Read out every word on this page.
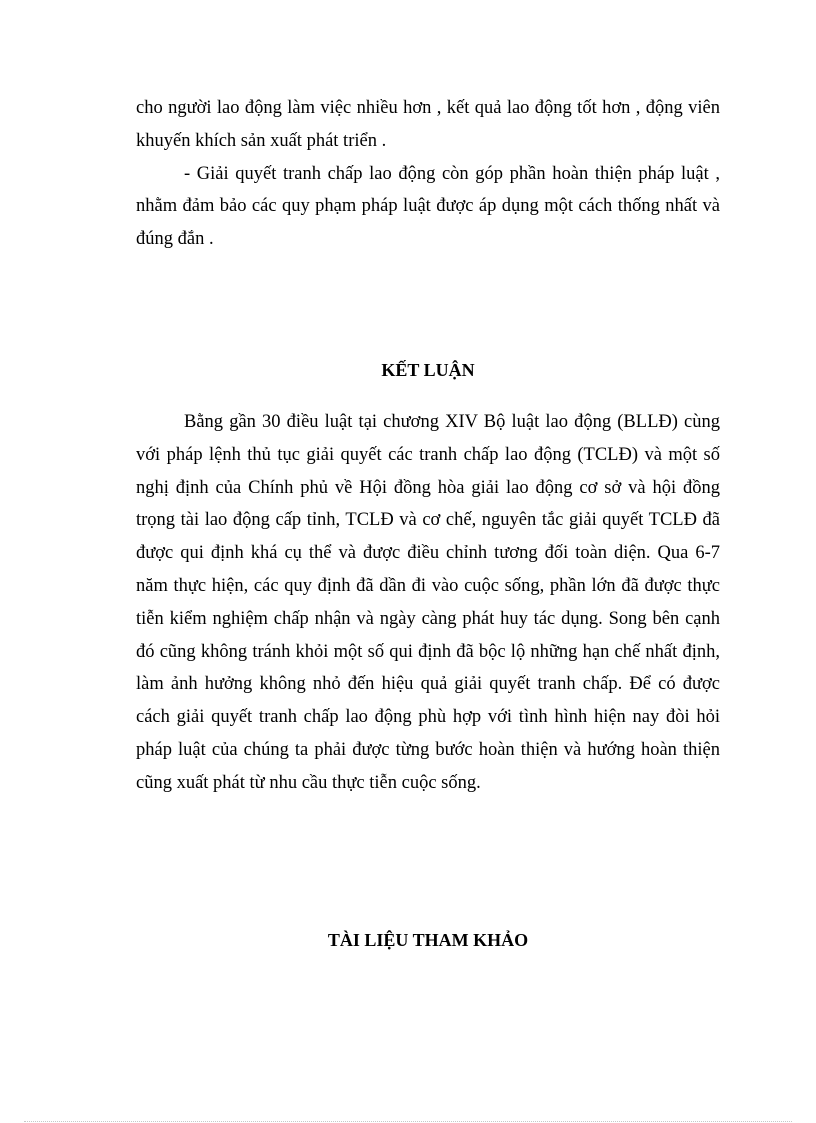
cho người lao động làm việc nhiều hơn , kết quả lao động tốt hơn , động viên khuyến khích sản xuất phát triển .

- Giải quyết tranh chấp lao động còn góp phần hoàn thiện pháp luật , nhằm đảm bảo các quy phạm pháp luật được áp dụng một cách thống nhất và đúng đắn .

KẾT LUẬN

Bằng gần 30 điều luật tại chương XIV Bộ luật lao động (BLLĐ) cùng với pháp lệnh thủ tục giải quyết các tranh chấp lao động (TCLĐ) và một số nghị định của Chính phủ về Hội đồng hòa giải lao động cơ sở và hội đồng trọng tài lao động cấp tỉnh, TCLĐ và cơ chế, nguyên tắc giải quyết TCLĐ đã được qui định khá cụ thể và được điều chỉnh tương đối toàn diện. Qua 6-7 năm thực hiện, các quy định đã dần đi vào cuộc sống, phần lớn đã được thực tiễn kiểm nghiệm chấp nhận và ngày càng phát huy tác dụng. Song bên cạnh đó cũng không tránh khỏi một số qui định đã bộc lộ những hạn chế nhất định, làm ảnh hưởng không nhỏ đến hiệu quả giải quyết tranh chấp. Để có được cách giải quyết tranh chấp lao động phù hợp với tình hình hiện nay đòi hỏi pháp luật của chúng ta phải được từng bước hoàn thiện và hướng hoàn thiện cũng xuất phát từ nhu cầu thực tiễn cuộc sống.

TÀI LIỆU THAM KHẢO
